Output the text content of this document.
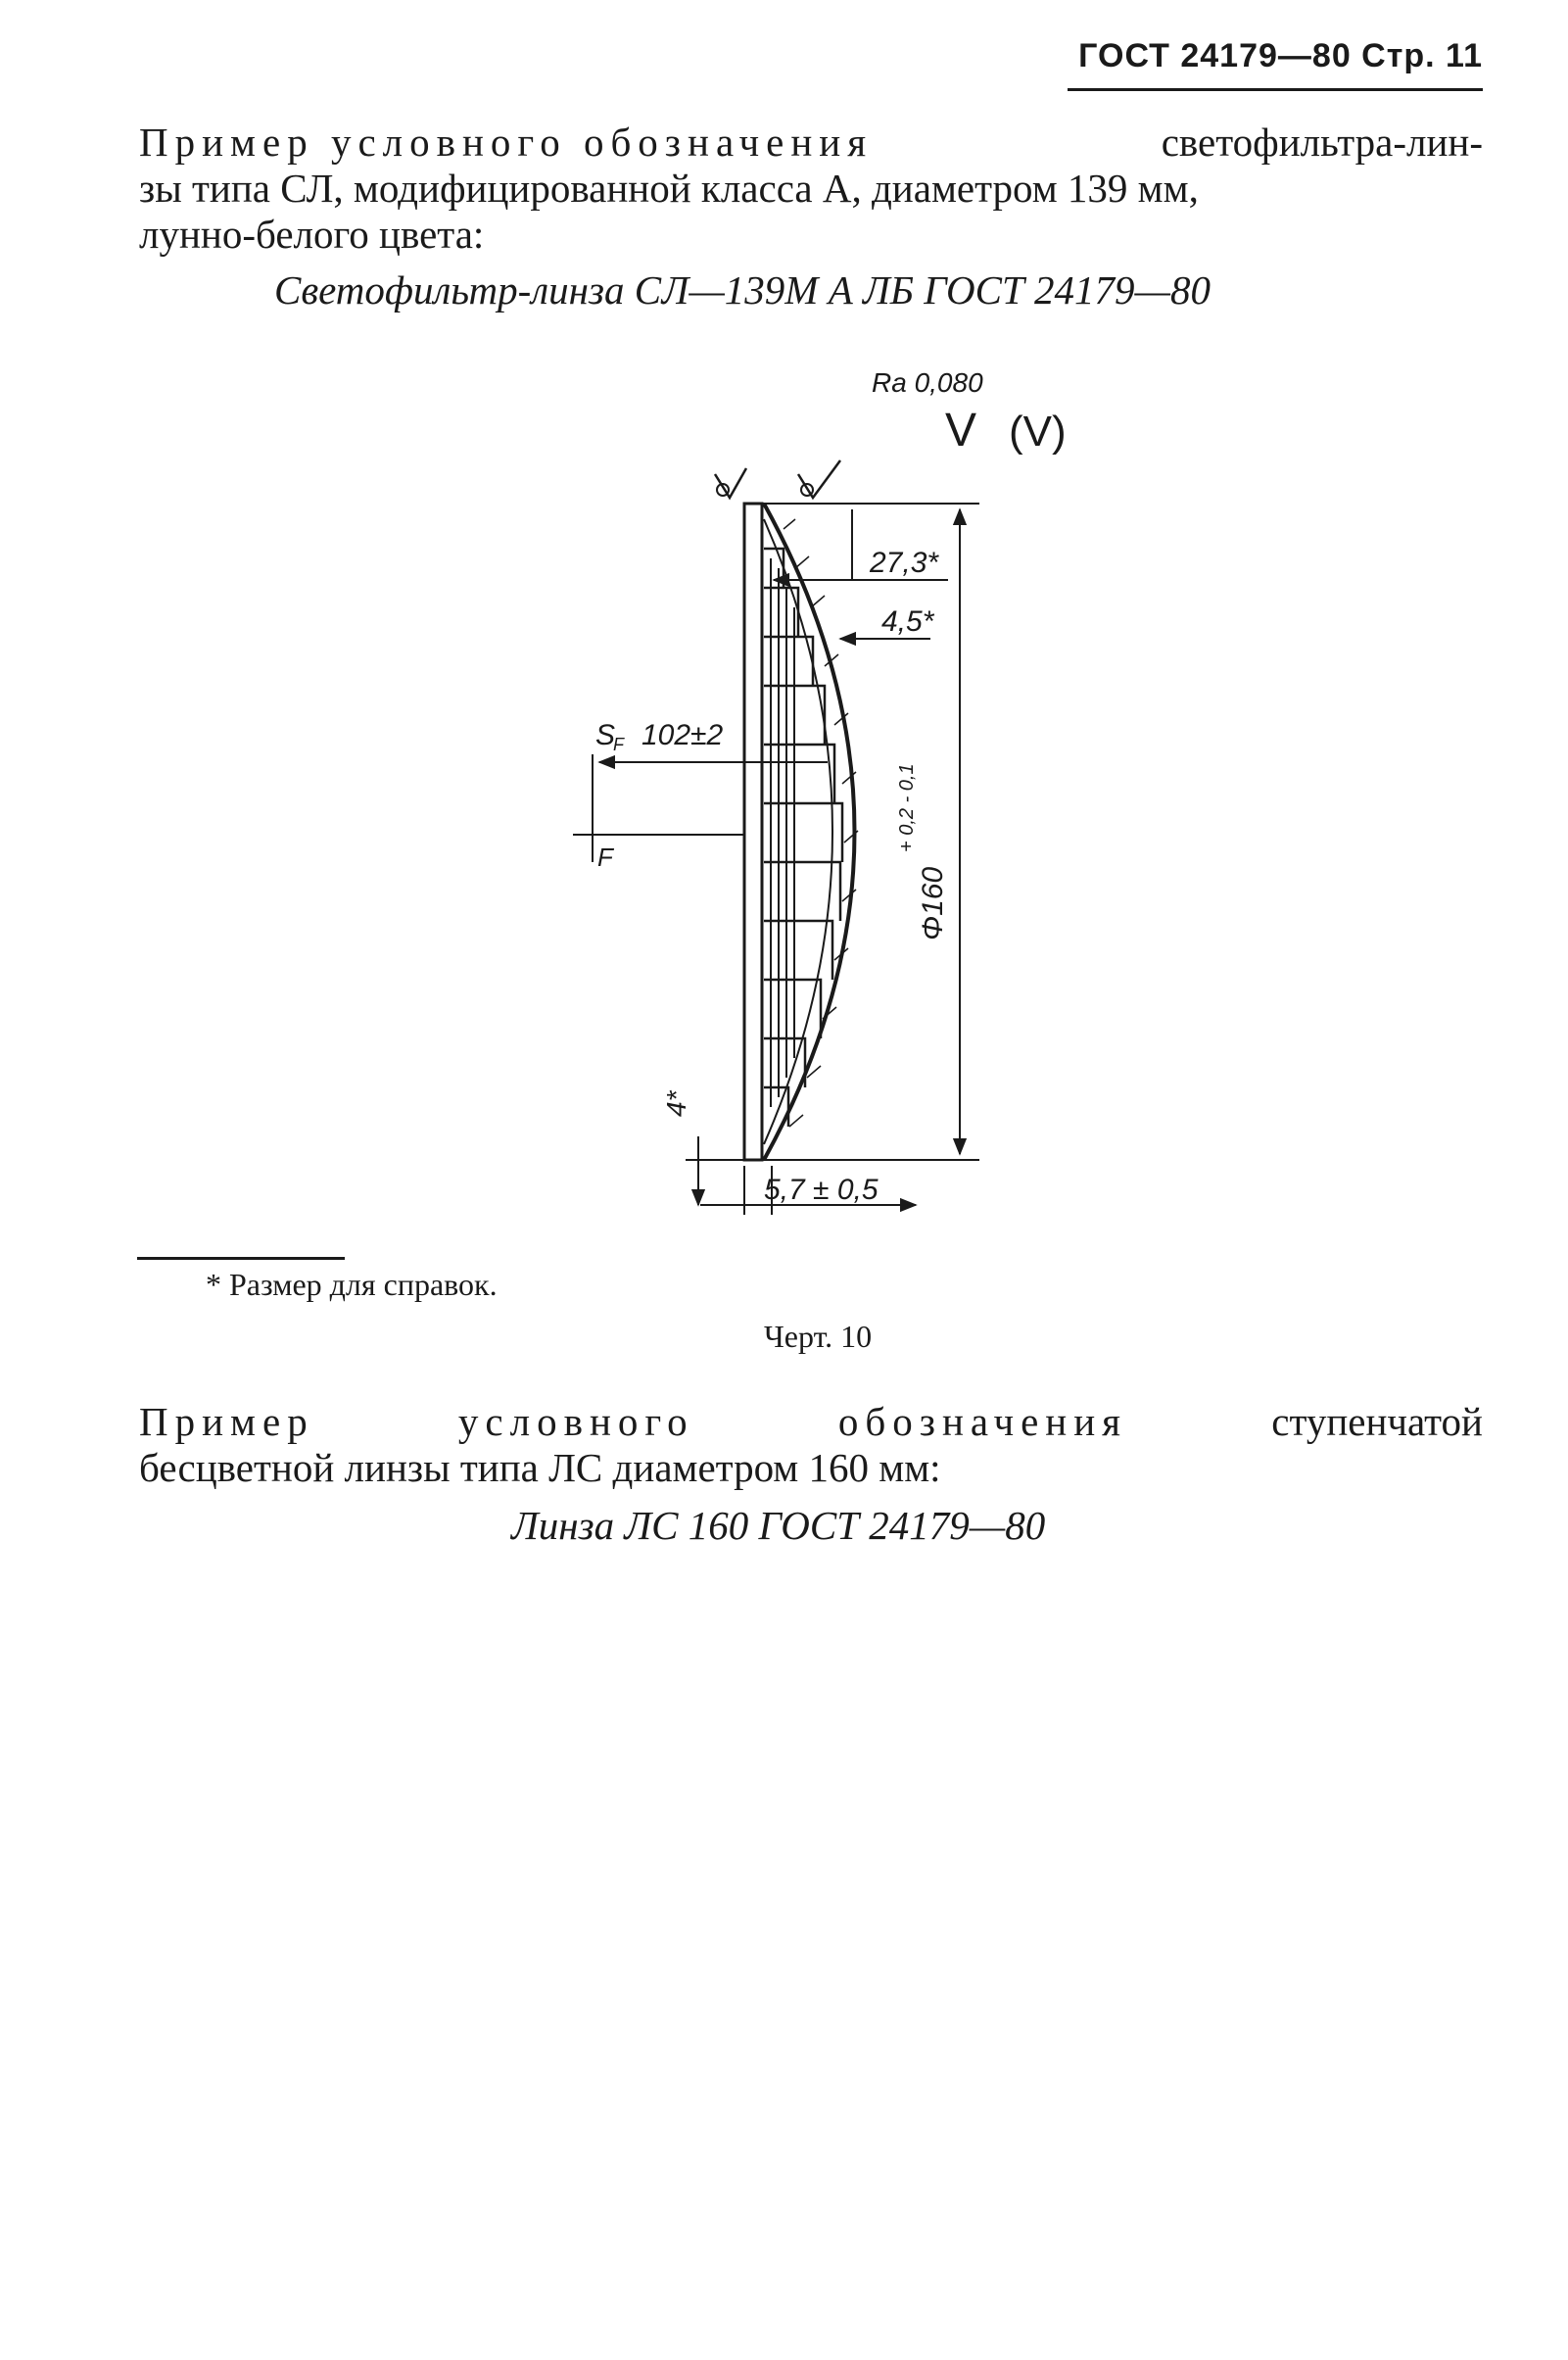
ГОСТ 24179—80 Стр. 11
Пример условного обозначения	светофильтра-лин-
зы типа СЛ, модифицированной класса А, диаметром 139 мм,
лунно-белого цвета:
Светофильтр-линза СЛ—139М А ЛБ ГОСТ 24179—80
Ra 0,080
V (V)
27,3*
4,5*
S
F 102±2
F
5,7 ± 0,5
Φ160
+ 0,2 - 0,1
4*
* Размер для справок.
Черт. 10
Пример	условного	обозначения	ступенчатой
бесцветной линзы типа ЛС диаметром 160 мм:
Линза ЛС 160 ГОСТ 24179—80
